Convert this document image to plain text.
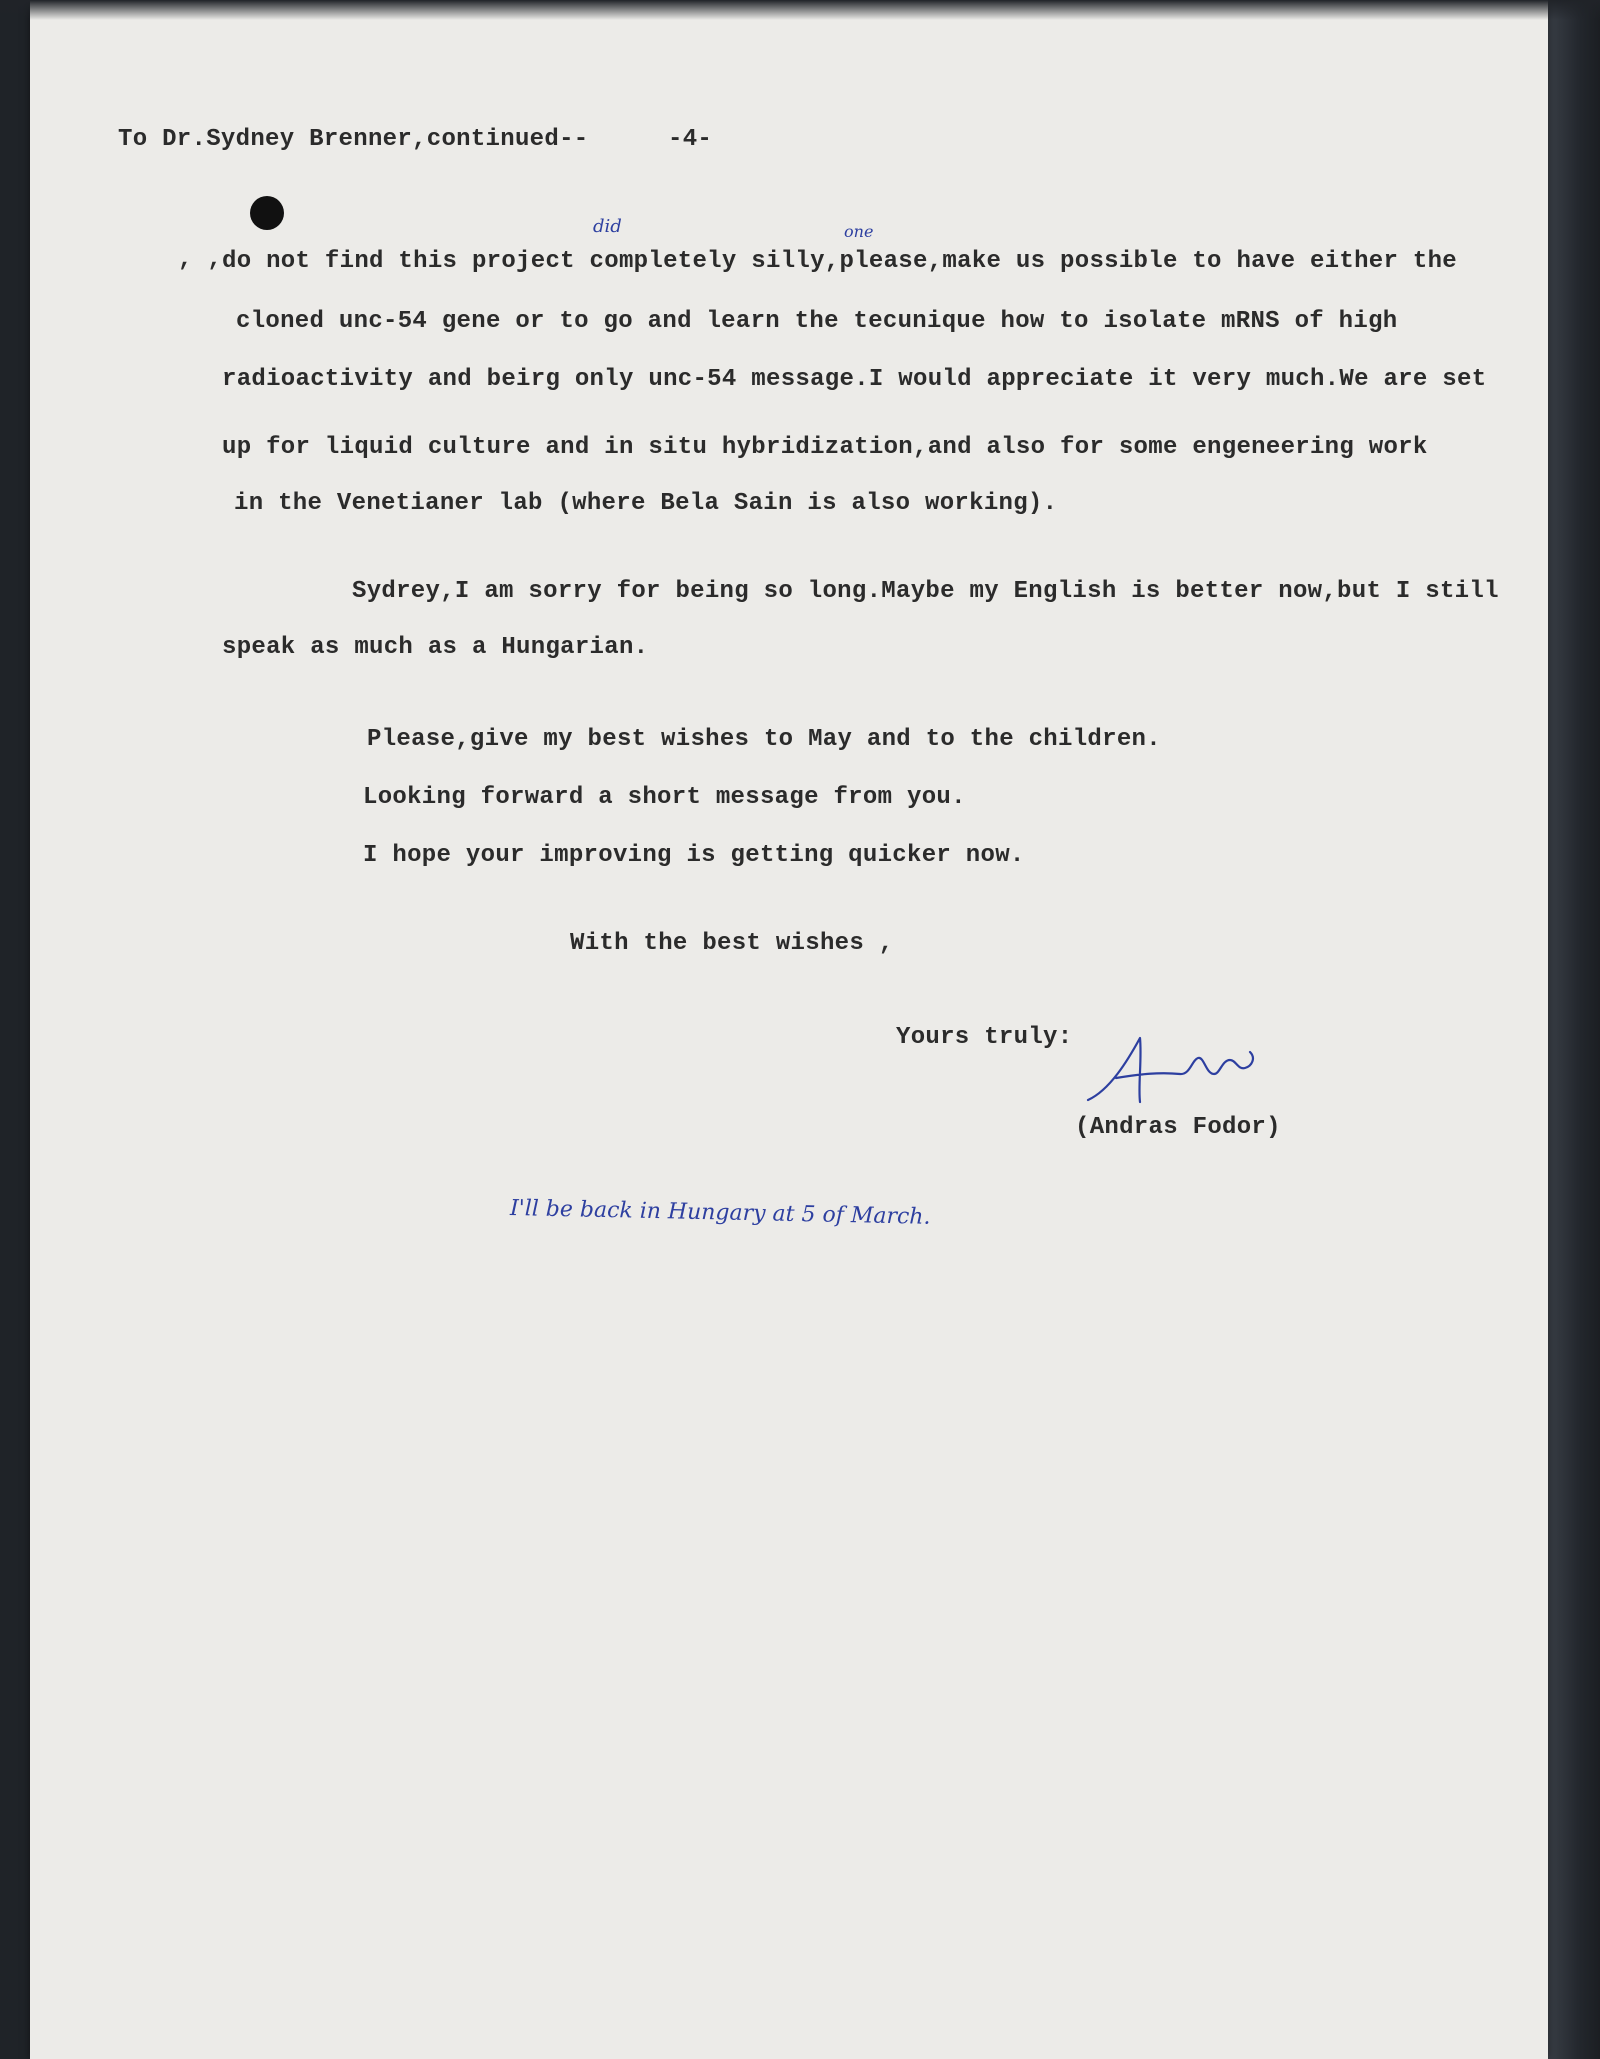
To Dr.Sydney Brenner,continued--	-4-
, , do not find this project completely silly,please,make us possible to have either the
did	one
cloned unc-54 gene or to go and learn the tecunique how to isolate mRNS of high
radioactivity and beirg only unc-54 message.I would appreciate it very much.We are set
up for liquid culture and in situ hybridization,and also for some engeneering work
in the Venetianer lab (where Bela Sain is also working).
Sydrey,I am sorry for being so long.Maybe my English is better now,but I still
speak as much as a Hungarian.
Please,give my best wishes to May and to the children.
Looking forward a short message from you.
I hope your improving is getting quicker now.
With the best wishes ,
Yours truly:
(Andras Fodor)
I'll be back in Hungary at 5 of March.
